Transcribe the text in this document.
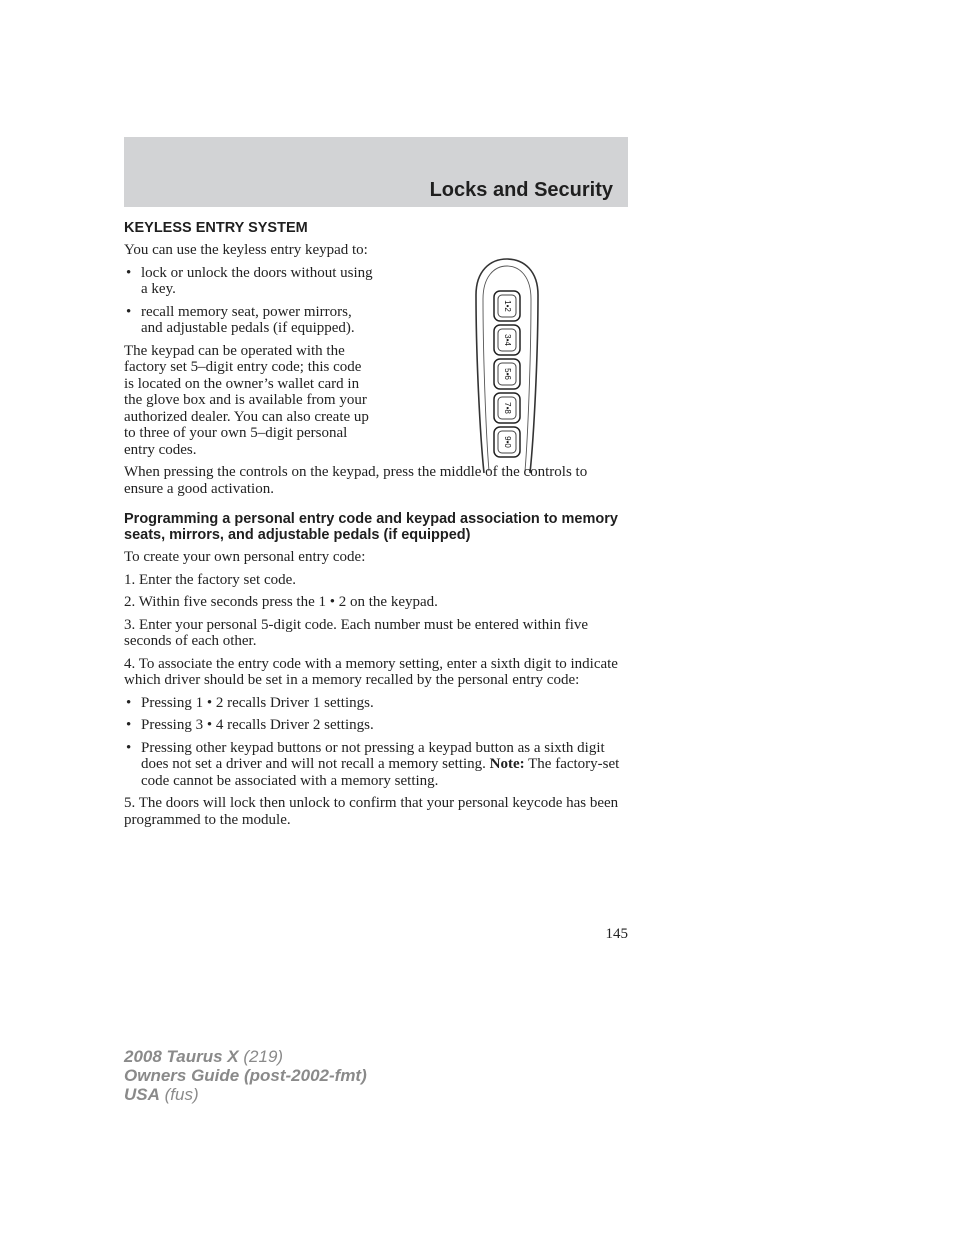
Locks and Security
1•2
3•4
5•6
7•8
9•0
KEYLESS ENTRY SYSTEM

You can use the keyless entry keypad to:

• lock or unlock the doors without using a key.
• recall memory seat, power mirrors, and adjustable pedals (if equipped).

The keypad can be operated with the factory set 5–digit entry code; this code is located on the owner’s wallet card in the glove box and is available from your authorized dealer. You can also create up to three of your own 5–digit personal entry codes.

When pressing the controls on the keypad, press the middle of the controls to ensure a good activation.

Programming a personal entry code and keypad association to memory seats, mirrors, and adjustable pedals (if equipped)

To create your own personal entry code:

1. Enter the factory set code.

2. Within five seconds press the 1 • 2 on the keypad.

3. Enter your personal 5-digit code. Each number must be entered within five seconds of each other.

4. To associate the entry code with a memory setting, enter a sixth digit to indicate which driver should be set in a memory recalled by the personal entry code:

• Pressing 1 • 2 recalls Driver 1 settings.
• Pressing 3 • 4 recalls Driver 2 settings.
• Pressing other keypad buttons or not pressing a keypad button as a sixth digit does not set a driver and will not recall a memory setting. Note: The factory-set code cannot be associated with a memory setting.

5. The doors will lock then unlock to confirm that your personal keycode has been programmed to the module.

145
2008 Taurus X (219)
Owners Guide (post-2002-fmt)
USA (fus)
